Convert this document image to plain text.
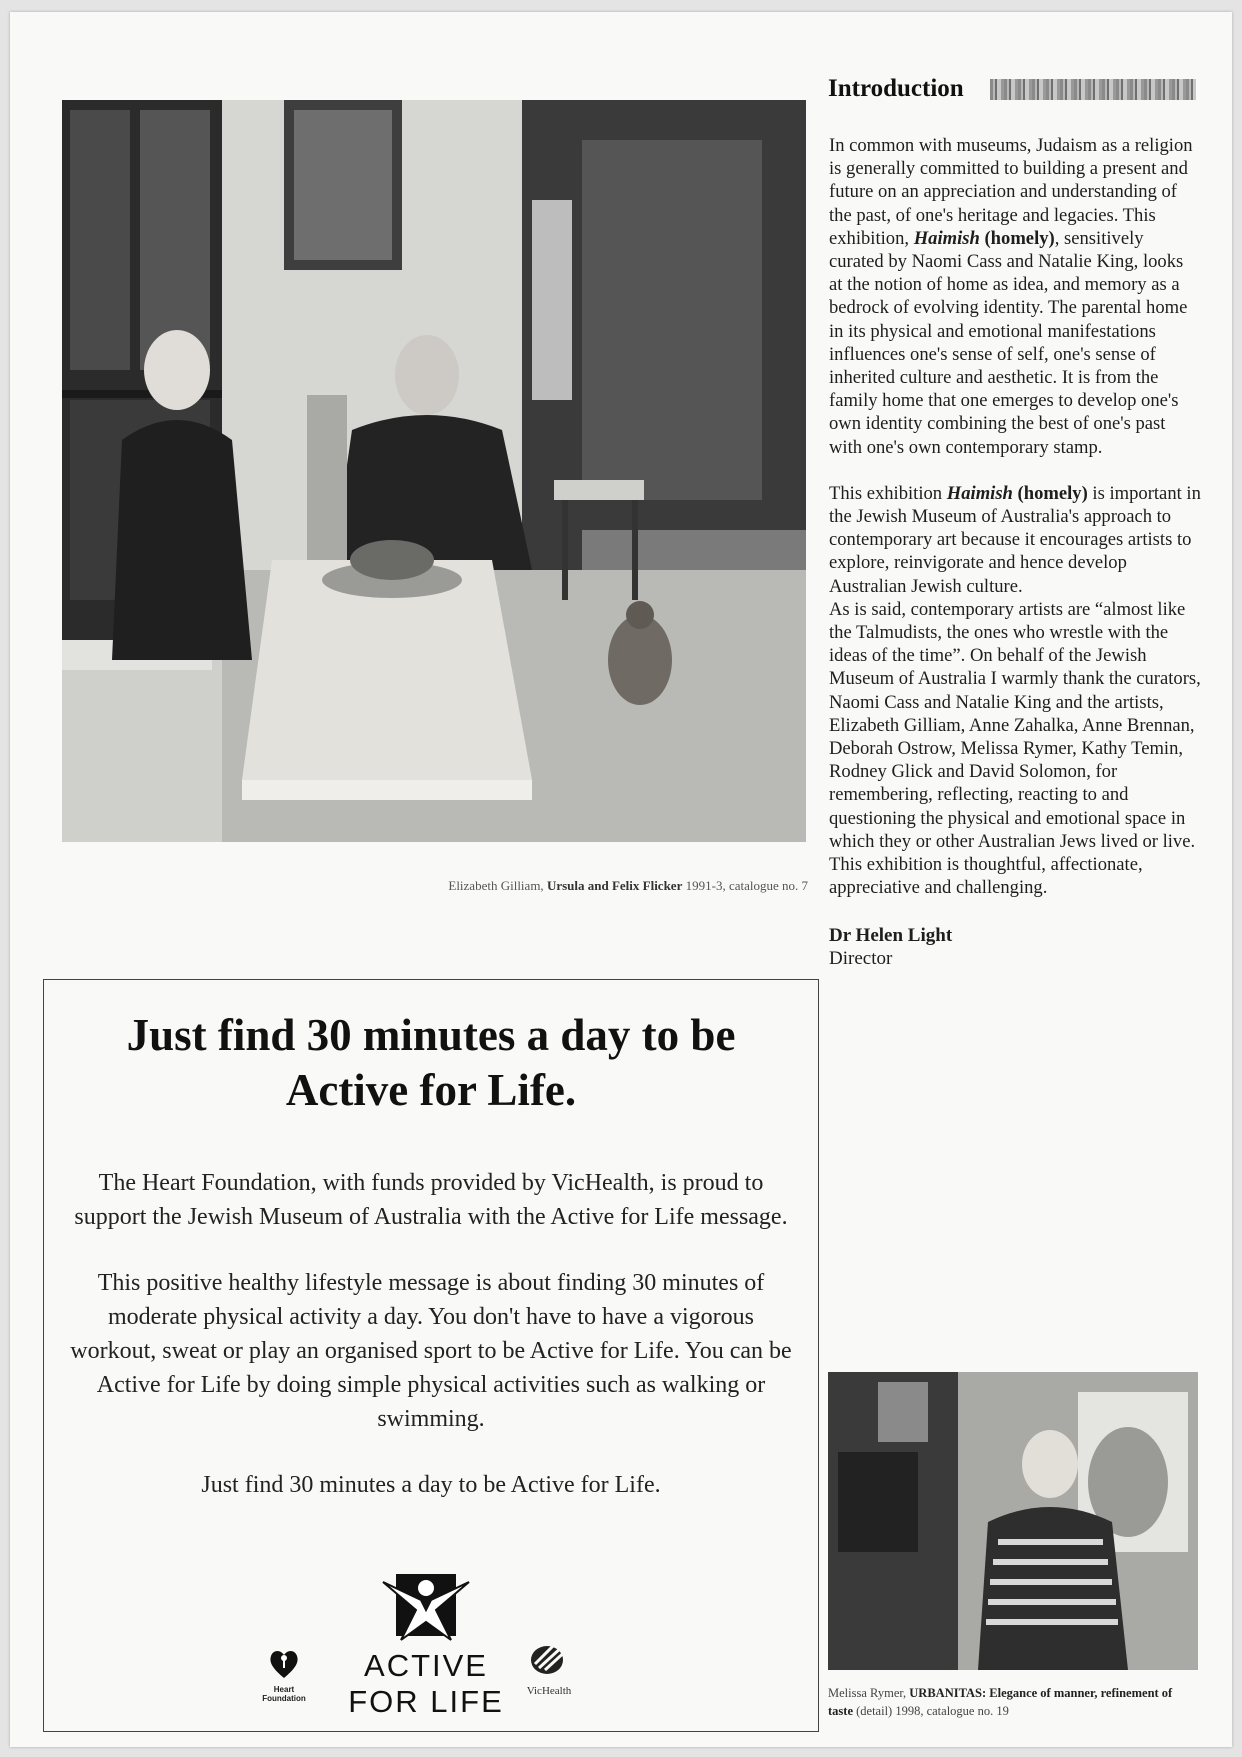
Elizabeth Gilliam, Ursula and Felix Flicker 1991-3, catalogue no. 7
Just find 30 minutes a day to be
Active for Life.

The Heart Foundation, with funds provided by VicHealth, is proud to support the Jewish Museum of Australia with the Active for Life message.

This positive healthy lifestyle message is about finding 30 minutes of moderate physical activity a day. You don't have to have a vigorous workout, sweat or play an organised sport to be Active for Life. You can be Active for Life by doing simple physical activities such as walking or swimming.

Just find 30 minutes a day to be Active for Life.

Heart
Foundation
ACTIVE
FOR LIFE	VicHealth
Introduction

In common with museums, Judaism as a religion is generally committed to building a present and future on an appreciation and understanding of the past, of one's heritage and legacies. This exhibition, Haimish (homely), sensitively curated by Naomi Cass and Natalie King, looks at the notion of home as idea, and memory as a bedrock of evolving identity. The parental home in its physical and emotional manifestations influences one's sense of self, one's sense of inherited culture and aesthetic. It is from the family home that one emerges to develop one's own identity combining the best of one's past with one's own contemporary stamp.

This exhibition Haimish (homely) is important in the Jewish Museum of Australia's approach to contemporary art because it encourages artists to explore, reinvigorate and hence develop Australian Jewish culture.

As is said, contemporary artists are “almost like the Talmudists, the ones who wrestle with the ideas of the time”. On behalf of the Jewish Museum of Australia I warmly thank the curators, Naomi Cass and Natalie King and the artists, Elizabeth Gilliam, Anne Zahalka, Anne Brennan, Deborah Ostrow, Melissa Rymer, Kathy Temin, Rodney Glick and David Solomon, for remembering, reflecting, reacting to and questioning the physical and emotional space in which they or other Australian Jews lived or live. This exhibition is thoughtful, affectionate, appreciative and challenging.

Dr Helen Light
Director
Melissa Rymer, URBANITAS: Elegance of manner, refinement of taste (detail) 1998, catalogue no. 19
